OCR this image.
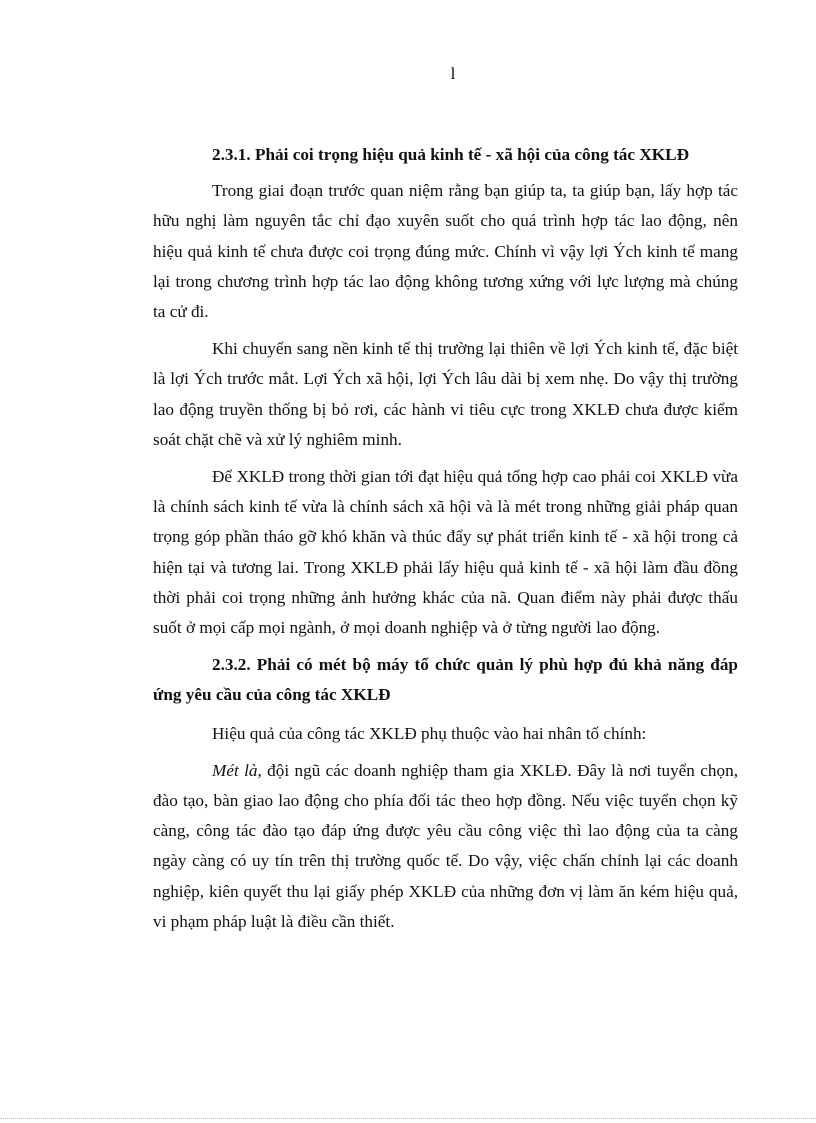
l
2.3.1. Phải coi trọng hiệu quả kinh tế - xã hội của công tác XKLĐ

Trong giai đoạn trước quan niệm rằng bạn giúp ta, ta giúp bạn, lấy hợp tác hữu nghị làm nguyên tắc chỉ đạo xuyên suốt cho quá trình hợp tác lao động, nên hiệu quả kinh tế chưa được coi trọng đúng mức. Chính vì vậy lợi Ých kinh tế mang lại trong chương trình hợp tác lao động không tương xứng với lực lượng mà chúng ta cử đi.

Khi chuyển sang nền kinh tế thị trường lại thiên về lợi Ých kinh tế, đặc biệt là lợi Ých trước mắt. Lợi Ých xã hội, lợi Ých lâu dài bị xem nhẹ. Do vậy thị trường lao động truyền thống bị bỏ rơi, các hành vi tiêu cực trong XKLĐ chưa được kiểm soát chặt chẽ và xử lý nghiêm minh.

Để XKLĐ trong thời gian tới đạt hiệu quả tổng hợp cao phải coi XKLĐ vừa là chính sách kinh tế vừa là chính sách xã hội và là mét trong những giải pháp quan trọng góp phần tháo gỡ khó khăn và thúc đẩy sự phát triển kinh tế - xã hội trong cả hiện tại và tương lai. Trong XKLĐ phải lấy hiệu quả kinh tế - xã hội làm đầu đồng thời phải coi trọng những ảnh hưởng khác của nã. Quan điểm này phải được thấu suốt ở mọi cấp mọi ngành, ở mọi doanh nghiệp và ở từng người lao động.

2.3.2. Phải có mét bộ máy tổ chức quản lý phù hợp đủ khả năng đáp ứng yêu cầu của công tác XKLĐ

Hiệu quả của công tác XKLĐ phụ thuộc vào hai nhân tố chính:

Mét là, đội ngũ các doanh nghiệp tham gia XKLĐ. Đây là nơi tuyển chọn, đào tạo, bàn giao lao động cho phía đối tác theo hợp đồng. Nếu việc tuyển chọn kỹ càng, công tác đào tạo đáp ứng được yêu cầu công việc thì lao động của ta càng ngày càng có uy tín trên thị trường quốc tế. Do vậy, việc chấn chỉnh lại các doanh nghiệp, kiên quyết thu lại giấy phép XKLĐ của những đơn vị làm ăn kém hiệu quả, vi phạm pháp luật là điều cần thiết.
